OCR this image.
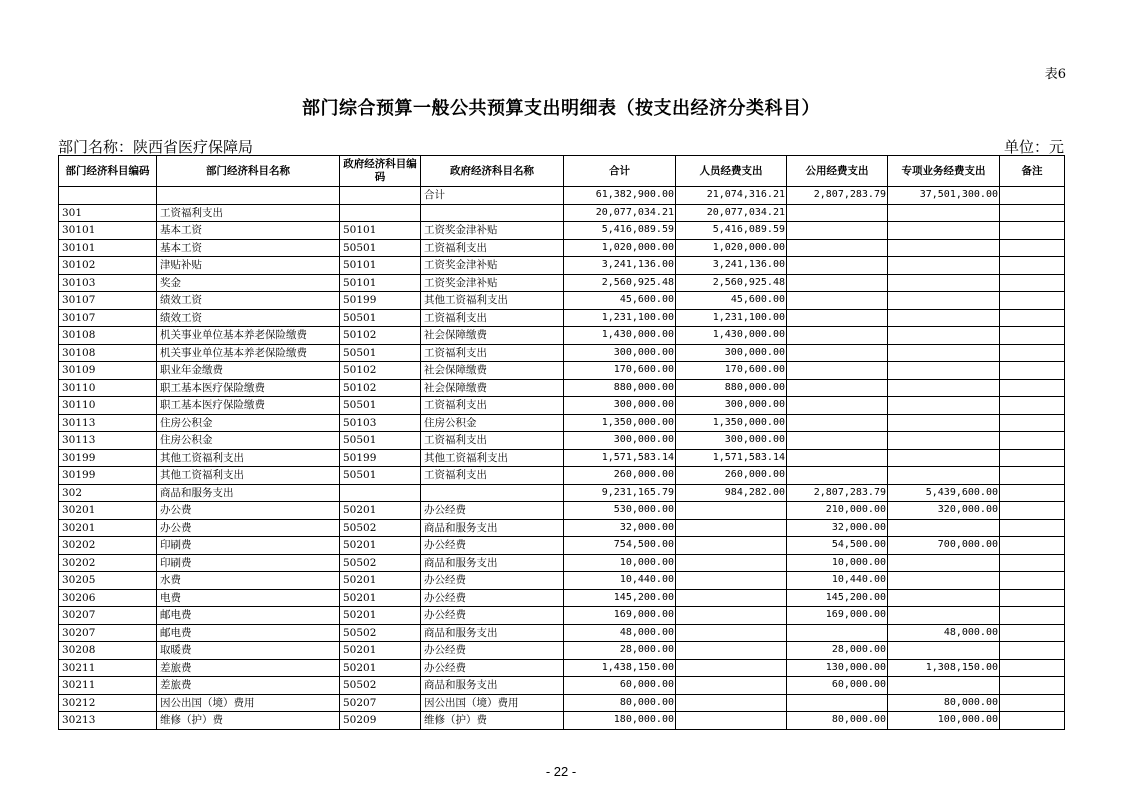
表6
部门综合预算一般公共预算支出明细表（按支出经济分类科目）
部门名称：陕西省医疗保障局	单位：元
部门经济科目编码	部门经济科目名称	政府经济科目编码	政府经济科目名称	合计	人员经费支出	公用经费支出	专项业务经费支出	备注
			合计	61,382,900.00	21,074,316.21	2,807,283.79	37,501,300.00	
301	工资福利支出			20,077,034.21	20,077,034.21			
30101	基本工资	50101	工资奖金津补贴	5,416,089.59	5,416,089.59			
30101	基本工资	50501	工资福利支出	1,020,000.00	1,020,000.00			
30102	津贴补贴	50101	工资奖金津补贴	3,241,136.00	3,241,136.00			
30103	奖金	50101	工资奖金津补贴	2,560,925.48	2,560,925.48			
30107	绩效工资	50199	其他工资福利支出	45,600.00	45,600.00			
30107	绩效工资	50501	工资福利支出	1,231,100.00	1,231,100.00			
30108	机关事业单位基本养老保险缴费	50102	社会保障缴费	1,430,000.00	1,430,000.00			
30108	机关事业单位基本养老保险缴费	50501	工资福利支出	300,000.00	300,000.00			
30109	职业年金缴费	50102	社会保障缴费	170,600.00	170,600.00			
30110	职工基本医疗保险缴费	50102	社会保障缴费	880,000.00	880,000.00			
30110	职工基本医疗保险缴费	50501	工资福利支出	300,000.00	300,000.00			
30113	住房公积金	50103	住房公积金	1,350,000.00	1,350,000.00			
30113	住房公积金	50501	工资福利支出	300,000.00	300,000.00			
30199	其他工资福利支出	50199	其他工资福利支出	1,571,583.14	1,571,583.14			
30199	其他工资福利支出	50501	工资福利支出	260,000.00	260,000.00			
302	商品和服务支出			9,231,165.79	984,282.00	2,807,283.79	5,439,600.00	
30201	办公费	50201	办公经费	530,000.00		210,000.00	320,000.00	
30201	办公费	50502	商品和服务支出	32,000.00		32,000.00		
30202	印刷费	50201	办公经费	754,500.00		54,500.00	700,000.00	
30202	印刷费	50502	商品和服务支出	10,000.00		10,000.00		
30205	水费	50201	办公经费	10,440.00		10,440.00		
30206	电费	50201	办公经费	145,200.00		145,200.00		
30207	邮电费	50201	办公经费	169,000.00		169,000.00		
30207	邮电费	50502	商品和服务支出	48,000.00			48,000.00	
30208	取暖费	50201	办公经费	28,000.00		28,000.00		
30211	差旅费	50201	办公经费	1,438,150.00		130,000.00	1,308,150.00	
30211	差旅费	50502	商品和服务支出	60,000.00		60,000.00		
30212	因公出国（境）费用	50207	因公出国（境）费用	80,000.00			80,000.00	
30213	维修（护）费	50209	维修（护）费	180,000.00		80,000.00	100,000.00	
- 22 -
